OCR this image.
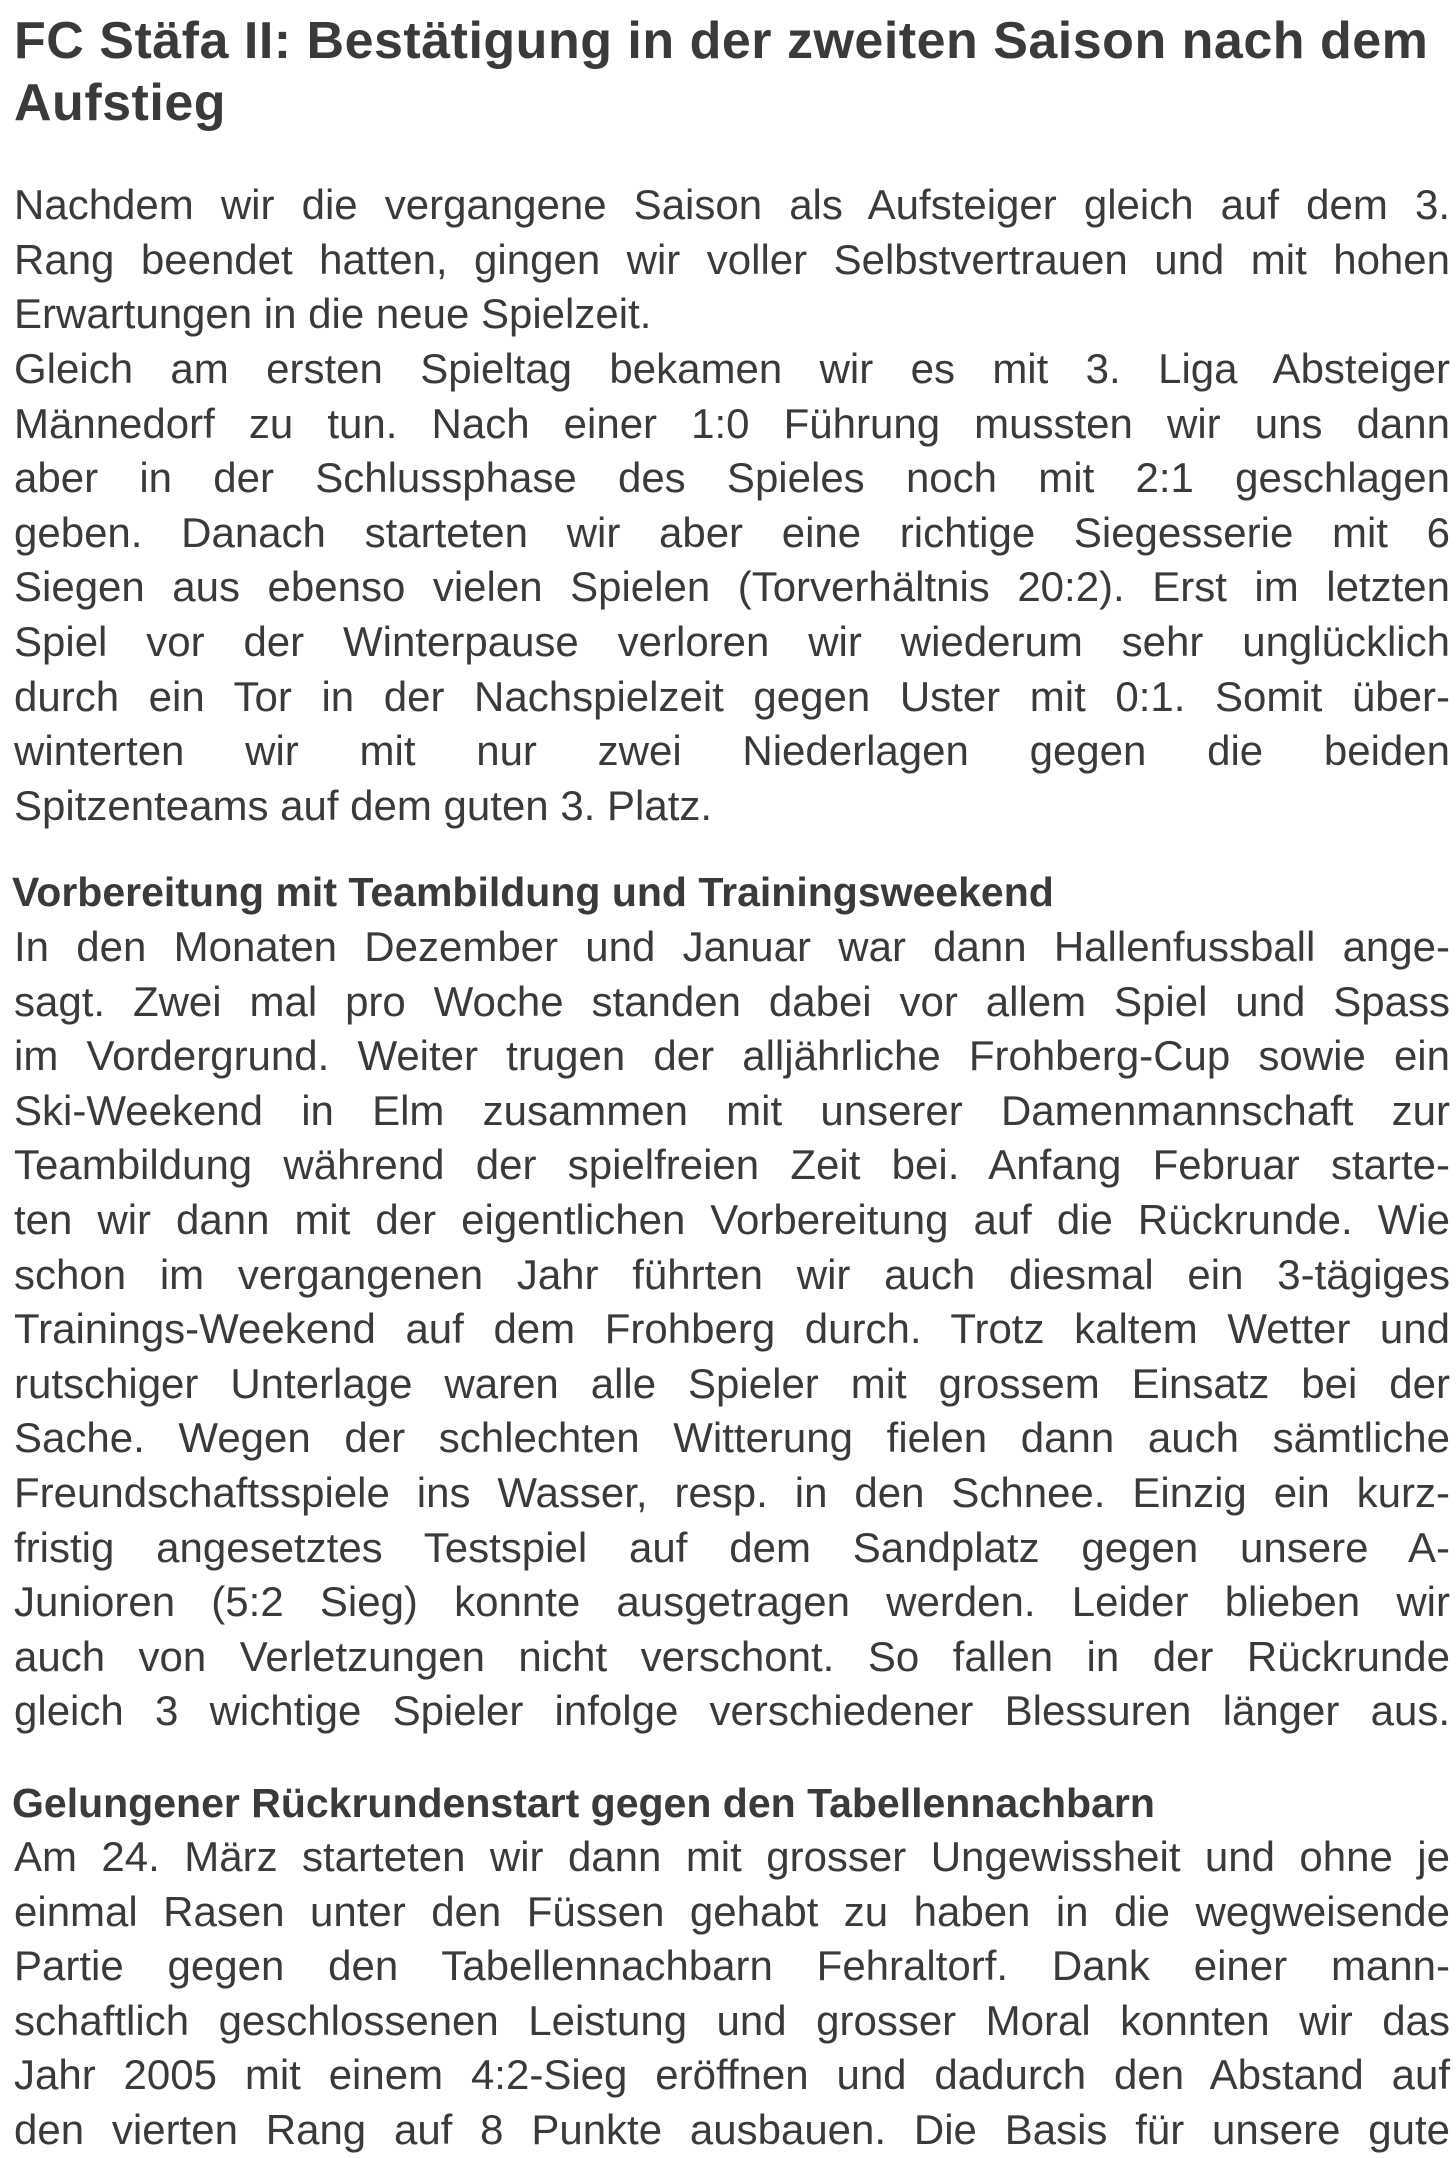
FC Stäfa II: Bestätigung in der zweiten Saison nach dem Aufstieg
Nachdem wir die vergangene Saison als Aufsteiger gleich auf dem 3.
Rang beendet hatten, gingen wir voller Selbstvertrauen und mit hohen
Erwartungen in die neue Spielzeit.
Gleich am ersten Spieltag bekamen wir es mit 3. Liga Absteiger
Männedorf zu tun. Nach einer 1:0 Führung mussten wir uns dann
aber in der Schlussphase des Spieles noch mit 2:1 geschlagen
geben. Danach starteten wir aber eine richtige Siegesserie mit 6
Siegen aus ebenso vielen Spielen (Torverhältnis 20:2). Erst im letzten
Spiel vor der Winterpause verloren wir wiederum sehr unglücklich
durch ein Tor in der Nachspielzeit gegen Uster mit 0:1. Somit über-
winterten wir mit nur zwei Niederlagen gegen die beiden
Spitzenteams auf dem guten 3. Platz.
Vorbereitung mit Teambildung und Trainingsweekend
In den Monaten Dezember und Januar war dann Hallenfussball ange-
sagt. Zwei mal pro Woche standen dabei vor allem Spiel und Spass
im Vordergrund. Weiter trugen der alljährliche Frohberg-Cup sowie ein
Ski-Weekend in Elm zusammen mit unserer Damenmannschaft zur
Teambildung während der spielfreien Zeit bei. Anfang Februar starte-
ten wir dann mit der eigentlichen Vorbereitung auf die Rückrunde. Wie
schon im vergangenen Jahr führten wir auch diesmal ein 3-tägiges
Trainings-Weekend auf dem Frohberg durch. Trotz kaltem Wetter und
rutschiger Unterlage waren alle Spieler mit grossem Einsatz bei der
Sache. Wegen der schlechten Witterung fielen dann auch sämtliche
Freundschaftsspiele ins Wasser, resp. in den Schnee. Einzig ein kurz-
fristig angesetztes Testspiel auf dem Sandplatz gegen unsere A-
Junioren (5:2 Sieg) konnte ausgetragen werden. Leider blieben wir
auch von Verletzungen nicht verschont. So fallen in der Rückrunde
gleich 3 wichtige Spieler infolge verschiedener Blessuren länger aus.
Gelungener Rückrundenstart gegen den Tabellennachbarn
Am 24. März starteten wir dann mit grosser Ungewissheit und ohne je
einmal Rasen unter den Füssen gehabt zu haben in die wegweisende
Partie gegen den Tabellennachbarn Fehraltorf. Dank einer mann-
schaftlich geschlossenen Leistung und grosser Moral konnten wir das
Jahr 2005 mit einem 4:2-Sieg eröffnen und dadurch den Abstand auf
den vierten Rang auf 8 Punkte ausbauen. Die Basis für unsere gute
